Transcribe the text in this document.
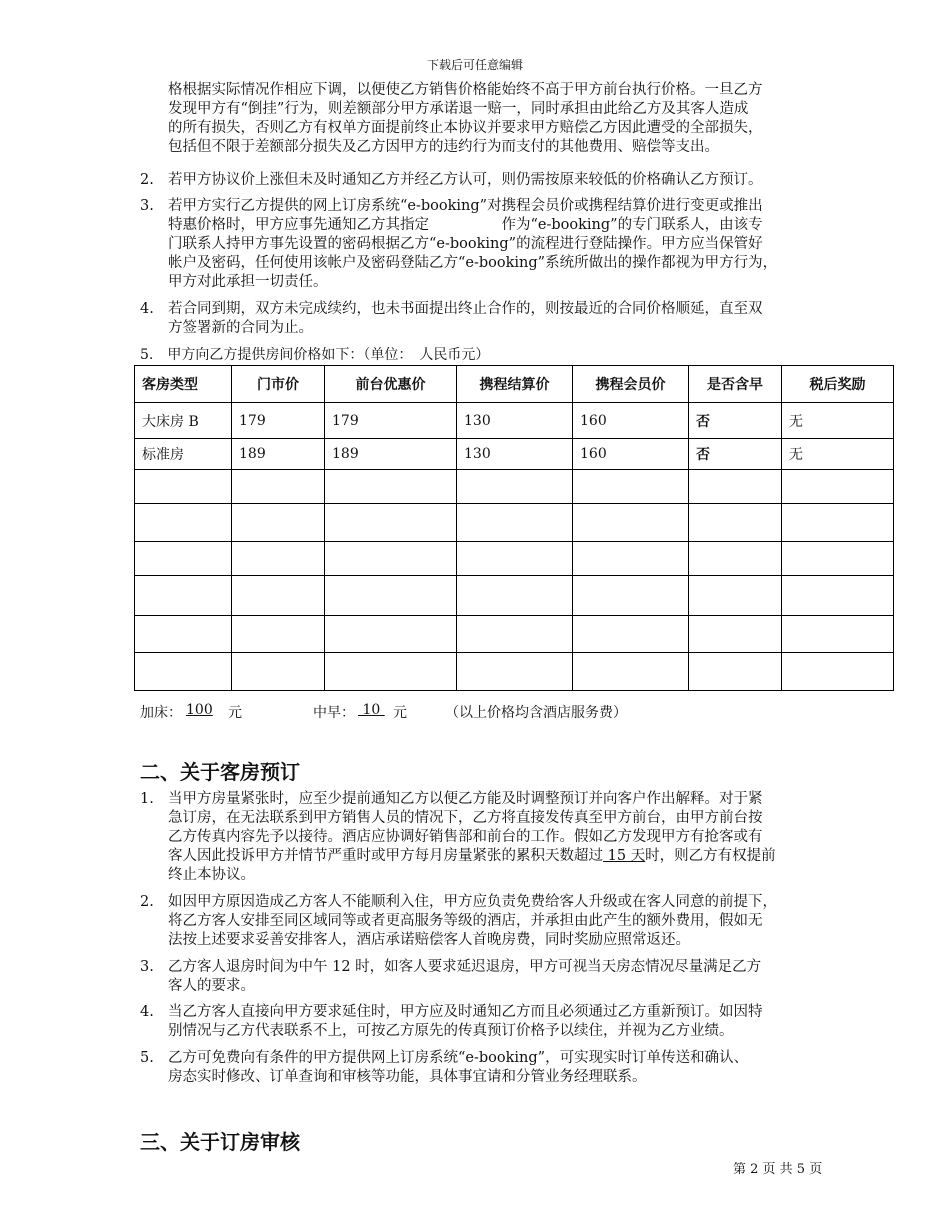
下载后可任意编辑
格根据实际情况作相应下调，以便使乙方销售价格能始终不高于甲方前台执行价格。一旦乙方
发现甲方有“倒挂”行为，则差额部分甲方承诺退一赔一，同时承担由此给乙方及其客人造成
的所有损失，否则乙方有权单方面提前终止本协议并要求甲方赔偿乙方因此遭受的全部损失，
包括但不限于差额部分损失及乙方因甲方的违约行为而支付的其他费用、赔偿等支出。
2. 若甲方协议价上涨但未及时通知乙方并经乙方认可，则仍需按原来较低的价格确认乙方预订。
3. 若甲方实行乙方提供的网上订房系统“e-booking”对携程会员价或携程结算价进行变更或推出
特惠价格时，甲方应事先通知乙方其指定　　　　　作为“e-booking”的专门联系人，由该专
门联系人持甲方事先设置的密码根据乙方“e-booking”的流程进行登陆操作。甲方应当保管好
帐户及密码，任何使用该帐户及密码登陆乙方“e-booking”系统所做出的操作都视为甲方行为，
甲方对此承担一切责任。
4. 若合同到期，双方未完成续约，也未书面提出终止合作的，则按最近的合同价格顺延，直至双
方签署新的合同为止。
5.　甲方向乙方提供房间价格如下：（单位：　人民币元）
客房类型	门市价	前台优惠价	携程结算价	携程会员价	是否含早	税后奖励
大床房 B	179	179	130	160	否	无
标准房	189	189	130	160	否	无

加床： 100 元	中早： 10 元	（以上价格均含酒店服务费）
二、关于客房预订
1. 当甲方房量紧张时，应至少提前通知乙方以便乙方能及时调整预订并向客户作出解释。对于紧
急订房，在无法联系到甲方销售人员的情况下，乙方将直接发传真至甲方前台，由甲方前台按
乙方传真内容先予以接待。酒店应协调好销售部和前台的工作。假如乙方发现甲方有抢客或有
客人因此投诉甲方并情节严重时或甲方每月房量紧张的累积天数超过 15 天时，则乙方有权提前
终止本协议。
2. 如因甲方原因造成乙方客人不能顺利入住，甲方应负责免费给客人升级或在客人同意的前提下，
将乙方客人安排至同区域同等或者更高服务等级的酒店，并承担由此产生的额外费用，假如无
法按上述要求妥善安排客人，酒店承诺赔偿客人首晚房费，同时奖励应照常返还。
3. 乙方客人退房时间为中午 12 时，如客人要求延迟退房，甲方可视当天房态情况尽量满足乙方
客人的要求。
4. 当乙方客人直接向甲方要求延住时，甲方应及时通知乙方而且必须通过乙方重新预订。如因特
别情况与乙方代表联系不上，可按乙方原先的传真预订价格予以续住，并视为乙方业绩。
5. 乙方可免费向有条件的甲方提供网上订房系统“e-booking”，可实现实时订单传送和确认、
房态实时修改、订单查询和审核等功能，具体事宜请和分管业务经理联系。
三、关于订房审核
第 2 页 共 5 页
